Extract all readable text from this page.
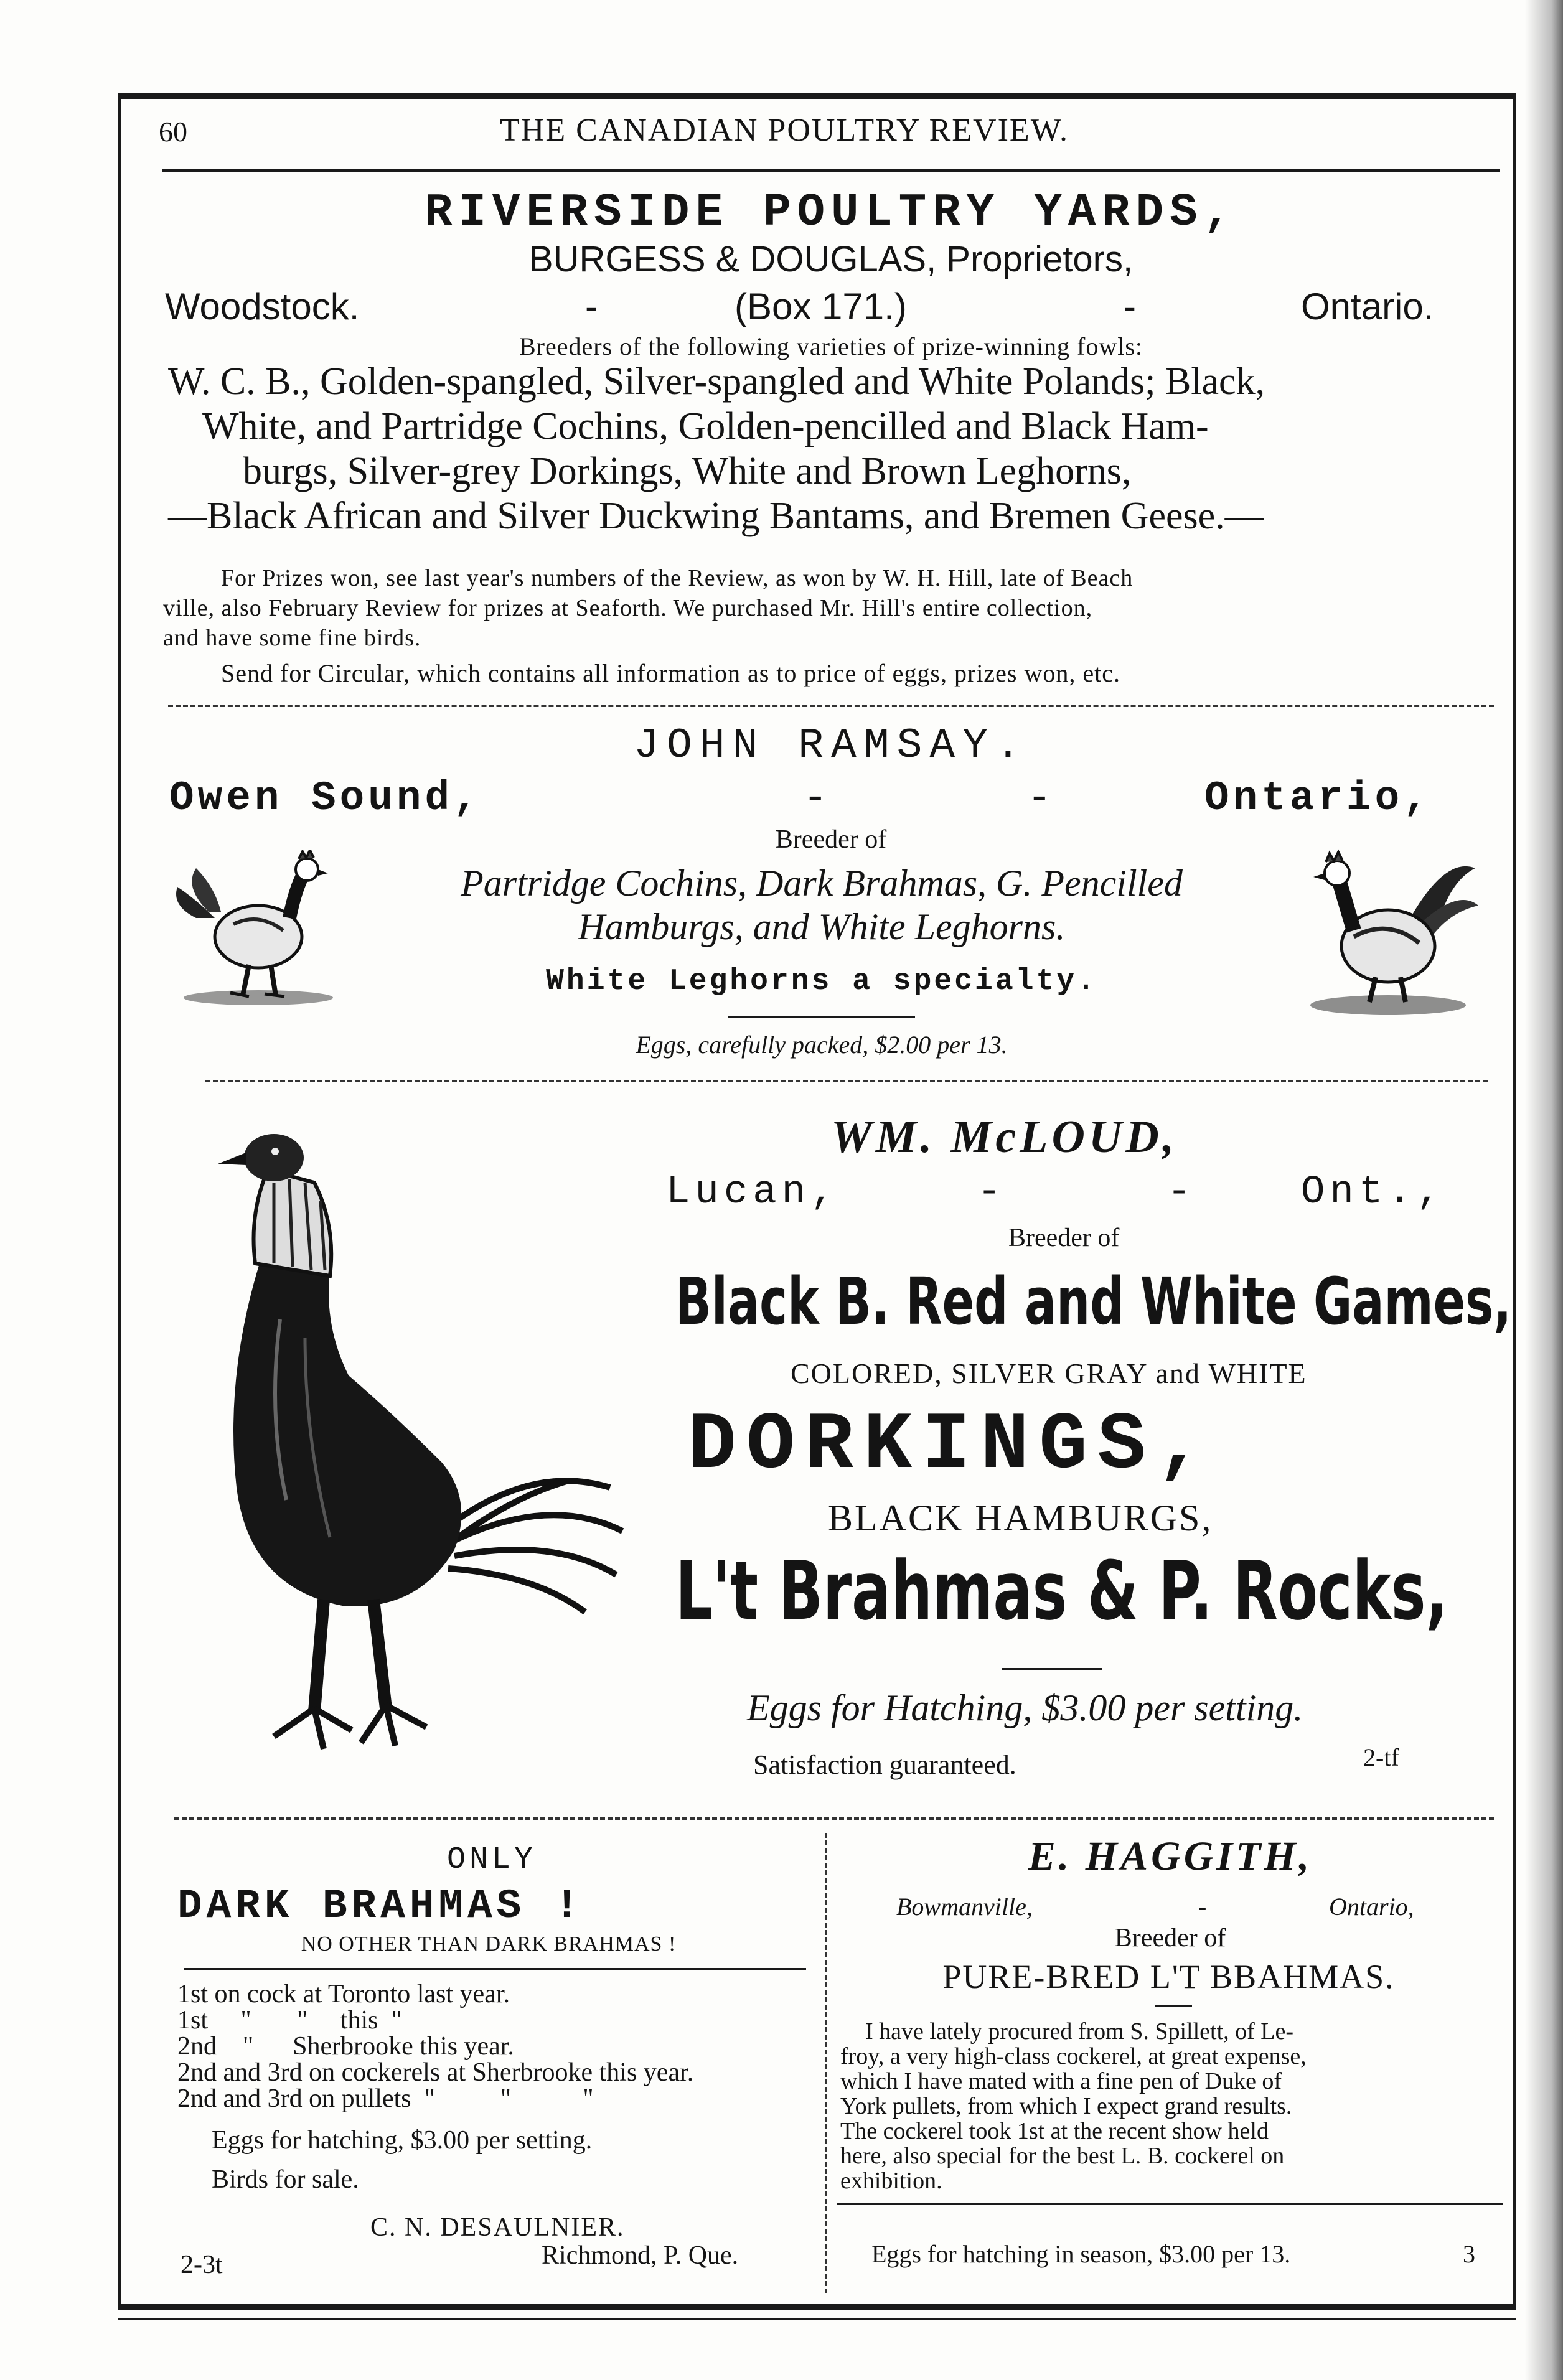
60	THE CANADIAN POULTRY REVIEW.
RIVERSIDE POULTRY YARDS,
BURGESS & DOUGLAS, Proprietors,
Woodstock.	-	(Box 171.)	-	Ontario.
Breeders of the following varieties of prize-winning fowls:
W. C. B., Golden-spangled, Silver-spangled and White Polands; Black,
White, and Partridge Cochins, Golden-pencilled and Black Ham-
burgs, Silver-grey Dorkings, White and Brown Leghorns,
—Black African and Silver Duckwing Bantams, and Bremen Geese.—
For Prizes won, see last year's numbers of the Review, as won by W. H. Hill, late of Beach
ville, also February Review for prizes at Seaforth. We purchased Mr. Hill's entire collection,
and have some fine birds.
Send for Circular, which contains all information as to price of eggs, prizes won, etc.
JOHN RAMSAY.
Owen Sound,	-	-	Ontario,
Breeder of
Partridge Cochins, Dark Brahmas, G. Pencilled
Hamburgs, and White Leghorns.
White Leghorns a specialty.
Eggs, carefully packed, $2.00 per 13.
WM. McLOUD,
Lucan,	-	-	Ont.,
Breeder of
Black B. Red and White Games,
COLORED, SILVER GRAY and WHITE
DORKINGS,
BLACK HAMBURGS,
L't Brahmas & P. Rocks,
Eggs for Hatching, $3.00 per setting.
Satisfaction guaranteed.	2-tf
ONLY
DARK BRAHMAS !
NO OTHER THAN DARK BRAHMAS !
1st on cock at Toronto last year.
1st     "       "     this  "
2nd    "      Sherbrooke this year.
2nd and 3rd on cockerels at Sherbrooke this year.
2nd and 3rd on pullets  "          "           "
Eggs for hatching, $3.00 per setting.
Birds for sale.
C. N. DESAULNIER.
2-3t	Richmond, P. Que.
E. HAGGITH,
Bowmanville,	-	Ontario,
Breeder of
PURE-BRED L'T BBAHMAS.
I have lately procured from S. Spillett, of Le-
froy, a very high-class cockerel, at great expense,
which I have mated with a fine pen of Duke of
York pullets, from which I expect grand results.
The cockerel took 1st at the recent show held
here, also special for the best L. B. cockerel on
exhibition.
Eggs for hatching in season, $3.00 per 13.	3
